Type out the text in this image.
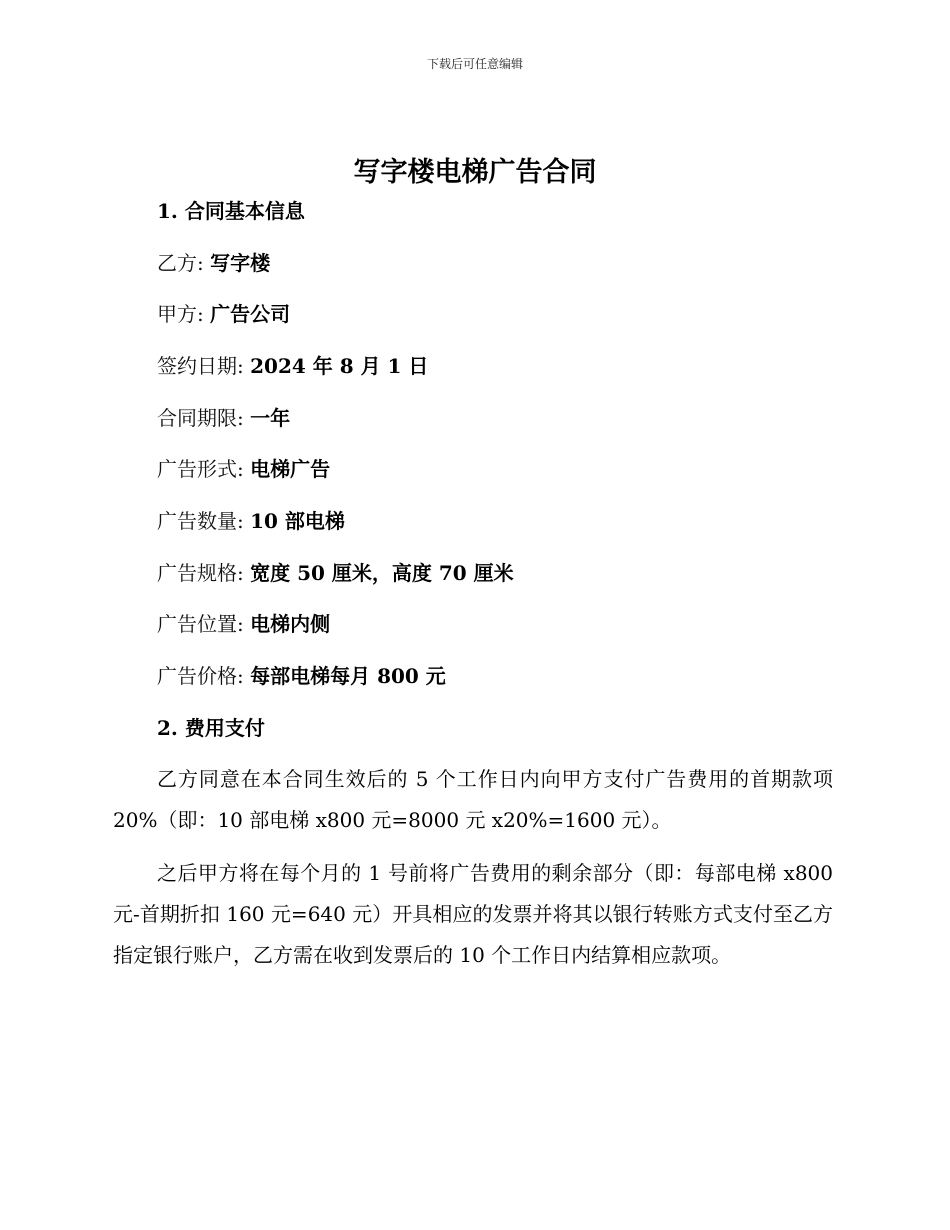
下载后可任意编辑
写字楼电梯广告合同
1. 合同基本信息
乙方: 写字楼
甲方: 广告公司
签约日期: 2024 年 8 月 1 日
合同期限: 一年
广告形式: 电梯广告
广告数量: 10 部电梯
广告规格: 宽度 50 厘米，高度 70 厘米
广告位置: 电梯内侧
广告价格: 每部电梯每月 800 元
2. 费用支付
乙方同意在本合同生效后的 5 个工作日内向甲方支付广告费用的首期款项 20%（即：10 部电梯 x800 元=8000 元 x20%=1600 元）。
之后甲方将在每个月的 1 号前将广告费用的剩余部分（即：每部电梯 x800 元-首期折扣 160 元=640 元）开具相应的发票并将其以银行转账方式支付至乙方指定银行账户，乙方需在收到发票后的 10 个工作日内结算相应款项。
